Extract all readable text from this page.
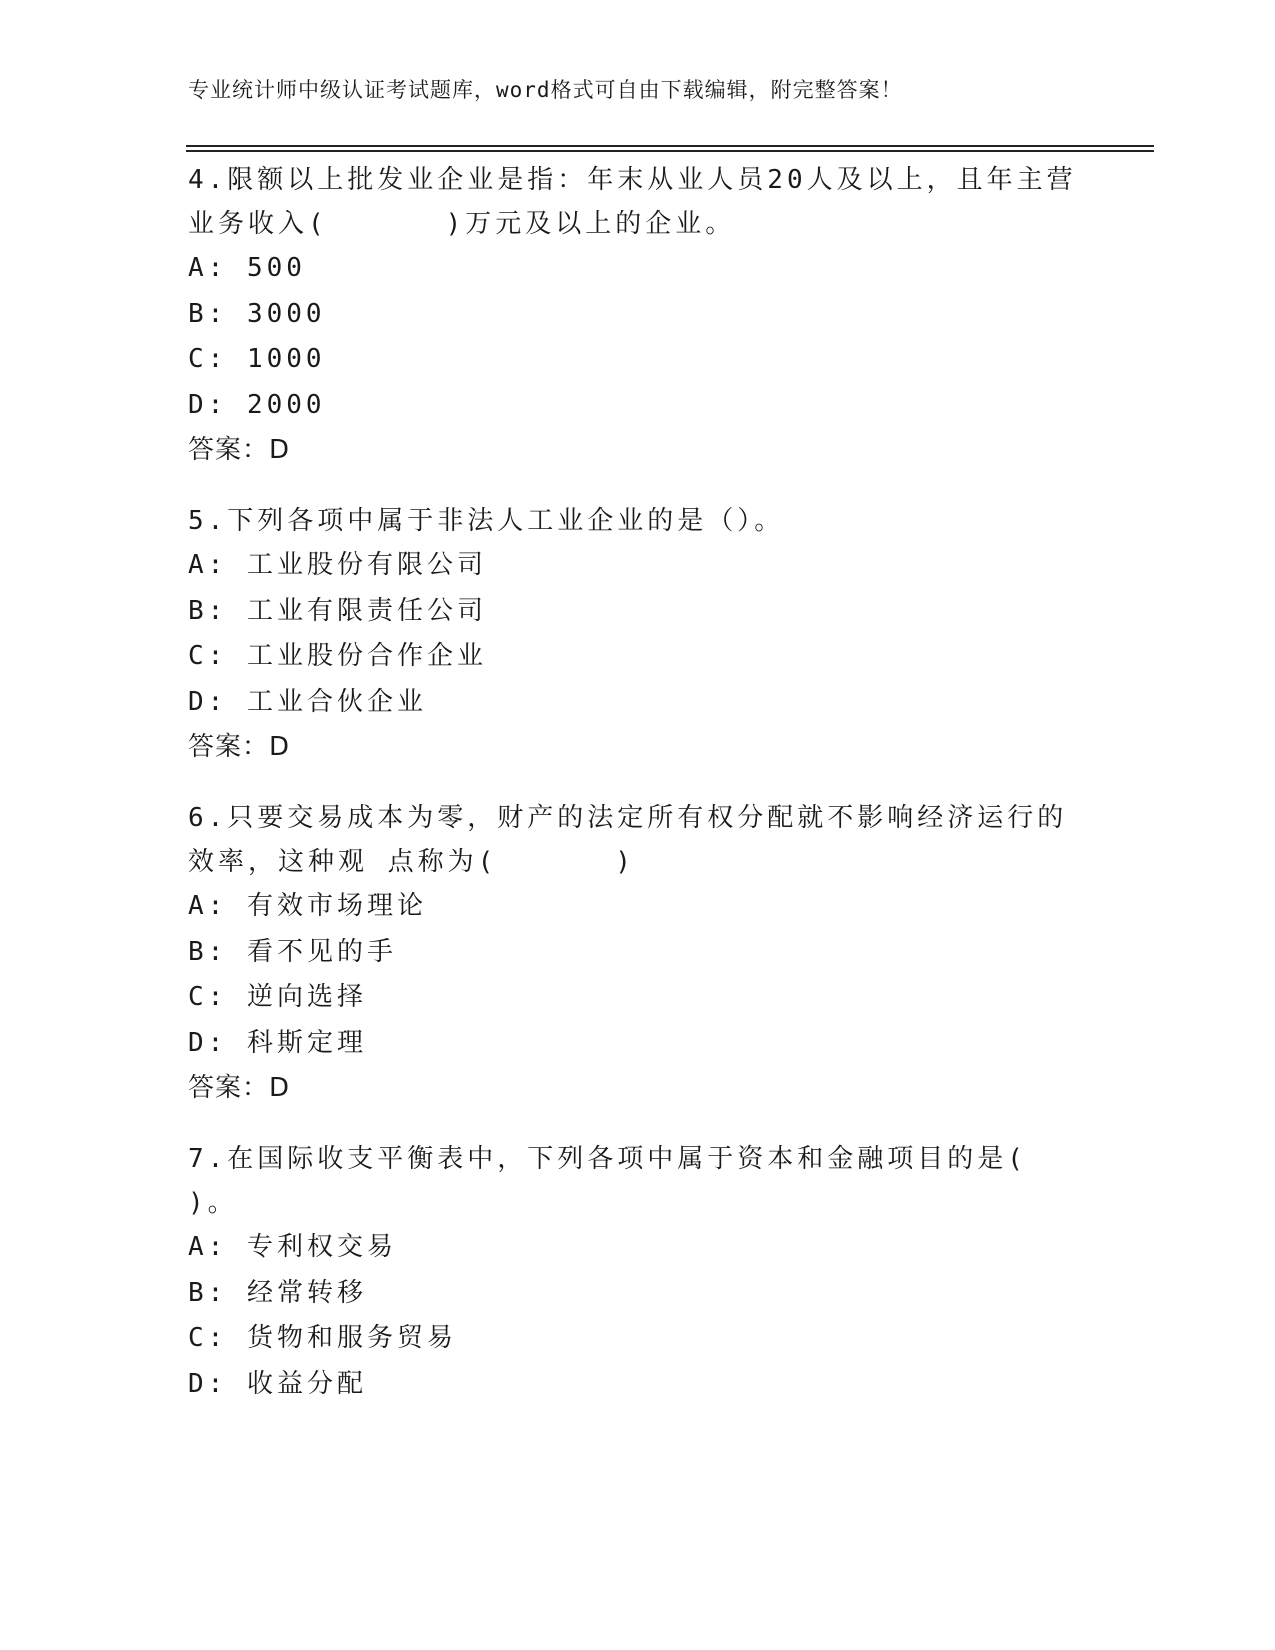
专业统计师中级认证考试题库，word格式可自由下载编辑，附完整答案！
4.限额以上批发业企业是指：年末从业人员20人及以上，且年主营业务收入(      )万元及以上的企业。
A: 500
B: 3000
C: 1000
D: 2000
答案：D
5.下列各项中属于非法人工业企业的是（）。
A: 工业股份有限公司
B: 工业有限责任公司
C: 工业股份合作企业
D: 工业合伙企业
答案：D
6.只要交易成本为零，财产的法定所有权分配就不影响经济运行的效率，这种观 点称为(      )
A: 有效市场理论
B: 看不见的手
C: 逆向选择
D: 科斯定理
答案：D
7.在国际收支平衡表中，下列各项中属于资本和金融项目的是(      )。
A: 专利权交易
B: 经常转移
C: 货物和服务贸易
D: 收益分配
